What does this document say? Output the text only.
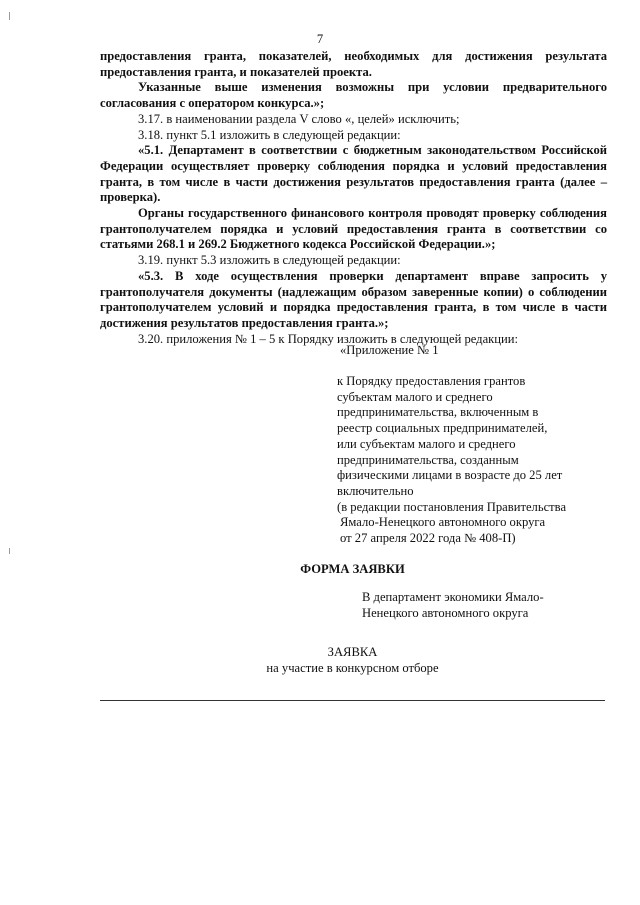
7

предоставления гранта, показателей, необходимых для достижения результата предоставления гранта, и показателей проекта.

Указанные выше изменения возможны при условии предварительного согласования с оператором конкурса.»;

3.17. в наименовании раздела V слово «, целей» исключить;

3.18. пункт 5.1 изложить в следующей редакции:

«5.1. Департамент в соответствии с бюджетным законодательством Российской Федерации осуществляет проверку соблюдения порядка и условий предоставления гранта, в том числе в части достижения результатов предоставления гранта (далее – проверка).

Органы государственного финансового контроля проводят проверку соблюдения грантополучателем порядка и условий предоставления гранта в соответствии со статьями 268.1 и 269.2 Бюджетного кодекса Российской Федерации.»;

3.19. пункт 5.3 изложить в следующей редакции:

«5.3. В ходе осуществления проверки департамент вправе запросить у грантополучателя документы (надлежащим образом заверенные копии) о соблюдении грантополучателем условий и порядка предоставления гранта, в том числе в части достижения результатов предоставления гранта.»;

3.20. приложения № 1 – 5 к Порядку изложить в следующей редакции:

«Приложение № 1
к Порядку предоставления грантов
субъектам малого и среднего
предпринимательства, включенным в
реестр социальных предпринимателей,
или субъектам малого и среднего
предпринимательства, созданным
физическими лицами в возрасте до 25 лет
включительно
(в редакции постановления Правительства
Ямало-Ненецкого автономного округа
от 27 апреля 2022 года № 408-П)
ФОРМА ЗАЯВКИ
В департамент экономики Ямало-
Ненецкого автономного округа
ЗАЯВКА
на участие в конкурсном отборе
